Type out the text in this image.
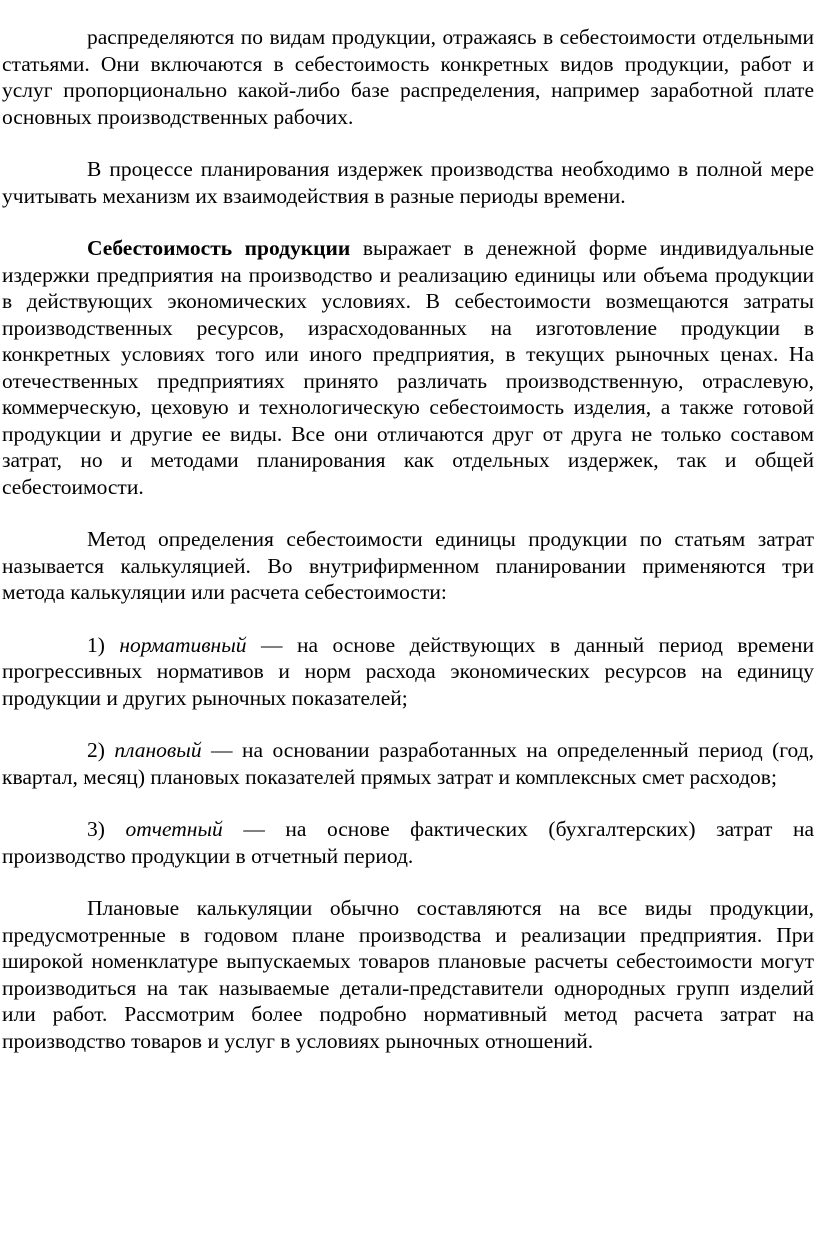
распределяются по видам продукции, отражаясь в себестоимости отдельными статьями. Они включаются в себестоимость конкретных видов продукции, работ и услуг пропорционально какой-либо базе распределения, например заработной плате основных производственных рабочих.

В процессе планирования издержек производства необходимо в полной мере учитывать механизм их взаимодействия в разные периоды времени.

Себестоимость продукции выражает в денежной форме индивидуальные издержки предприятия на производство и реализацию единицы или объема продукции в действующих экономических условиях. В себестоимости возмещаются затраты производственных ресурсов, израсходованных на изготовление продукции в конкретных условиях того или иного предприятия, в текущих рыночных ценах. На отечественных предприятиях принято различать производственную, отраслевую, коммерческую, цеховую и технологическую себестоимость изделия, а также готовой продукции и другие ее виды. Все они отличаются друг от друга не только составом затрат, но и методами планирования как отдельных издержек, так и общей себестоимости.

Метод определения себестоимости единицы продукции по статьям затрат называется калькуляцией. Во внутрифирменном планировании применяются три метода калькуляции или расчета себестоимости:

1) нормативный — на основе действующих в данный период времени прогрессивных нормативов и норм расхода экономических ресурсов на единицу продукции и других рыночных показателей;

2) плановый — на основании разработанных на определенный период (год, квартал, месяц) плановых показателей прямых затрат и комплексных смет расходов;

3) отчетный — на основе фактических (бухгалтерских) затрат на производство продукции в отчетный период.

Плановые калькуляции обычно составляются на все виды продукции, предусмотренные в годовом плане производства и реализации предприятия. При широкой номенклатуре выпускаемых товаров плановые расчеты себестоимости могут производиться на так называемые детали-представители однородных групп изделий или работ. Рассмотрим более подробно нормативный метод расчета затрат на производство товаров и услуг в условиях рыночных отношений.
